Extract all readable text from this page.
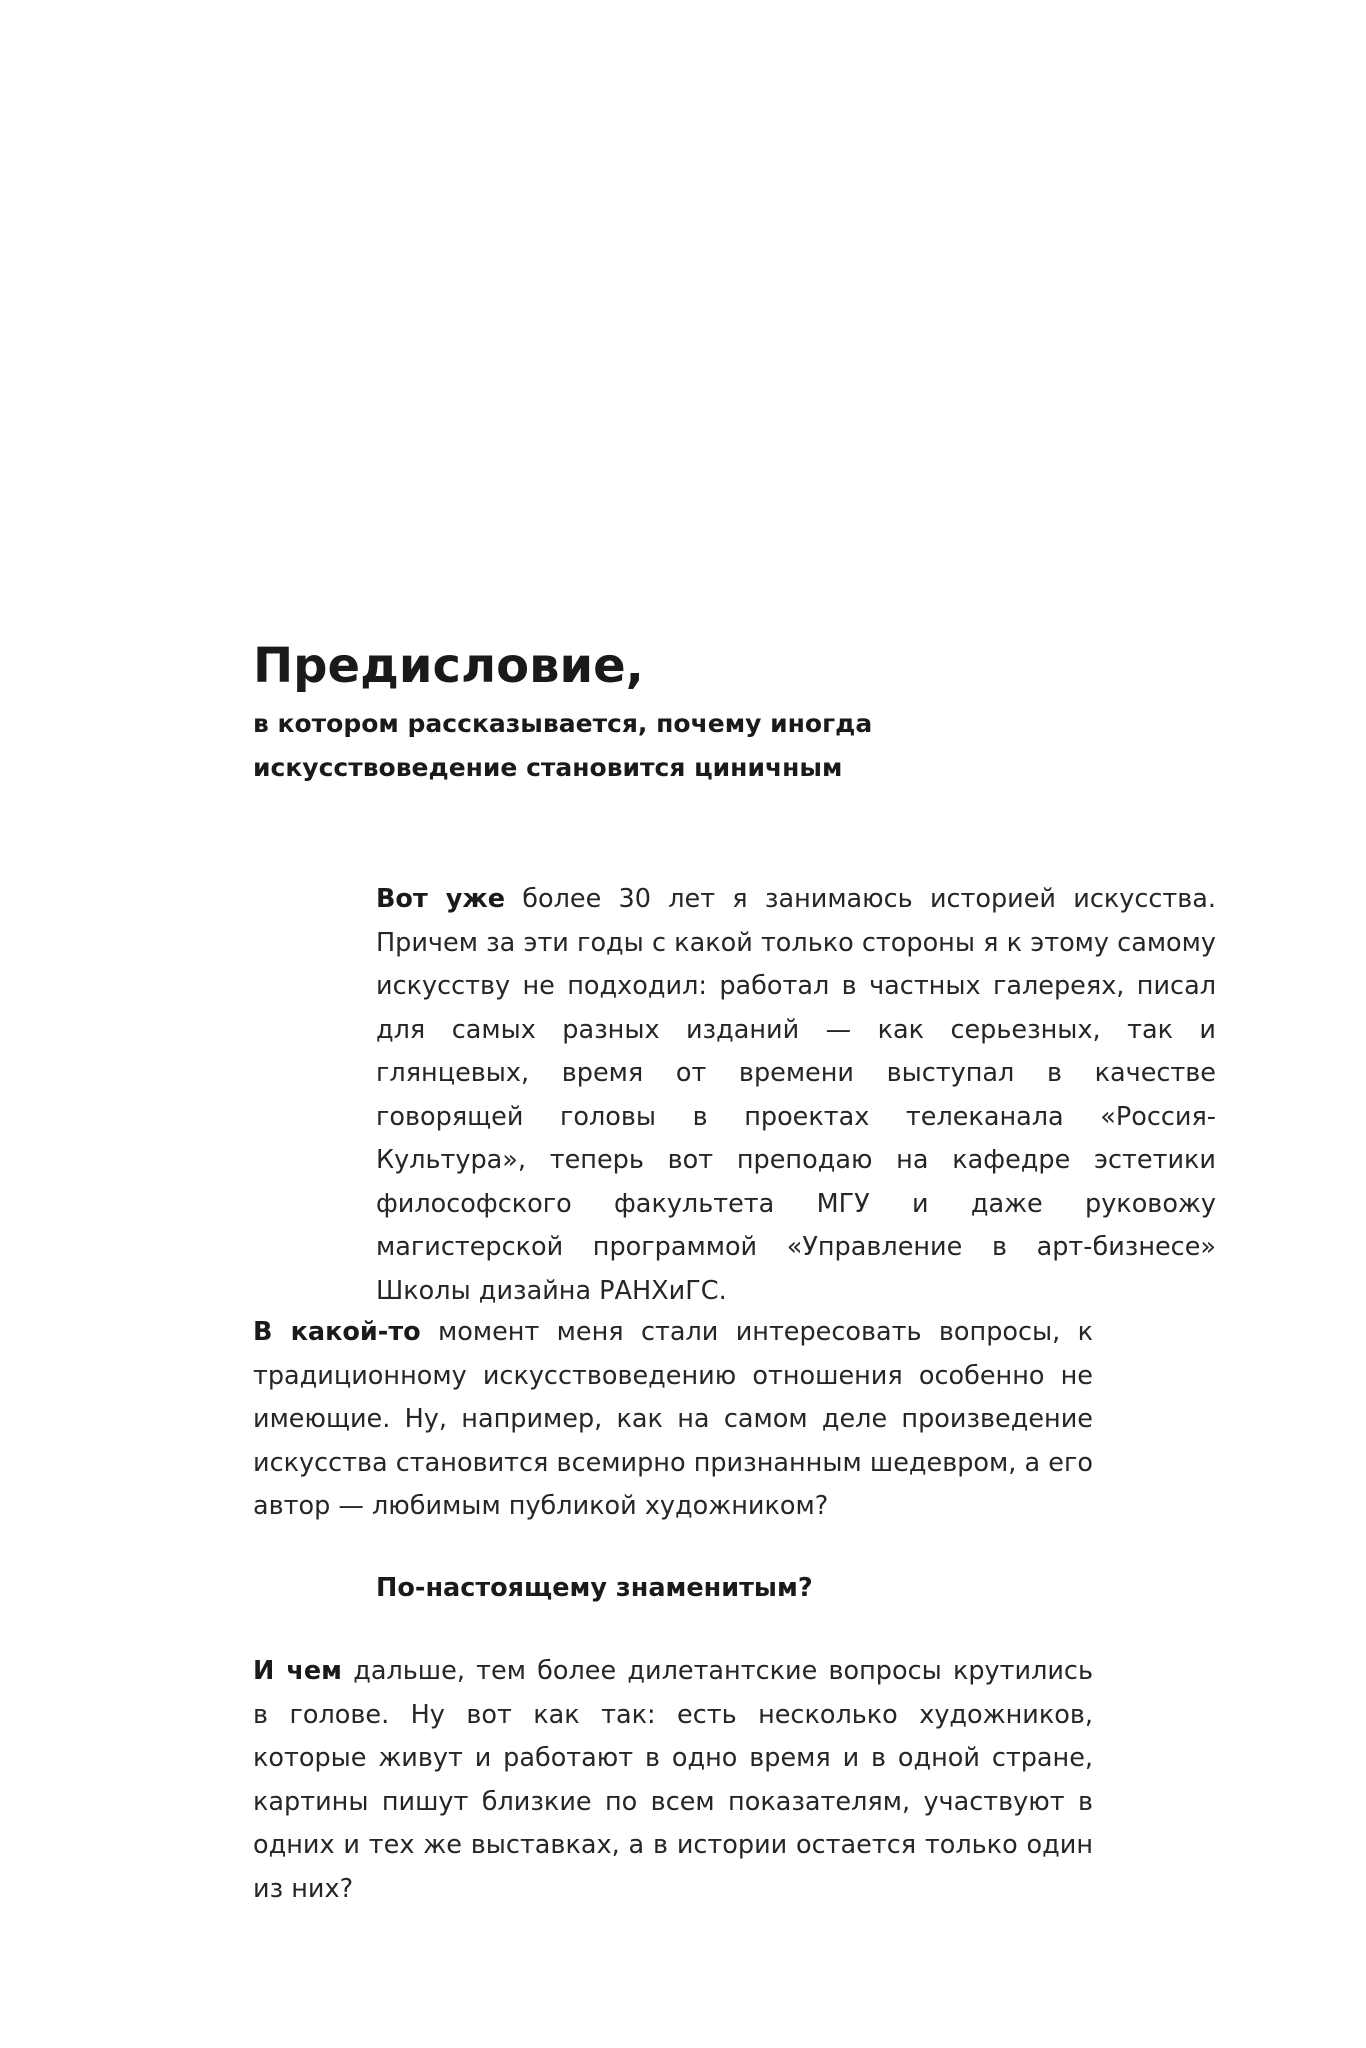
Предисловие,
в котором рассказывается, почему иногда искусствоведение становится циничным

Вот уже более 30 лет я занимаюсь историей искусства. Причем за эти годы с какой только стороны я к этому самому искусству не подходил: работал в частных галереях, писал для самых разных изданий — как серьезных, так и глянцевых, время от времени выступал в качестве говорящей головы в проектах телеканала «Россия-Культура», теперь вот преподаю на кафедре эстетики философского факультета МГУ и даже руковожу магистерской программой «Управление в арт-бизнесе» Школы дизайна РАНХиГС.

В какой-то момент меня стали интересовать вопросы, к традиционному искусствоведению отношения особенно не имеющие. Ну, например, как на самом деле произведение искусства становится всемирно признанным шедевром, а его автор — любимым публикой художником?

По-настоящему знаменитым?

И чем дальше, тем более дилетантские вопросы крутились в голове. Ну вот как так: есть несколько художников, которые живут и работают в одно время и в одной стране, картины пишут близкие по всем показателям, участвуют в одних и тех же выставках, а в истории остается только один из них?
